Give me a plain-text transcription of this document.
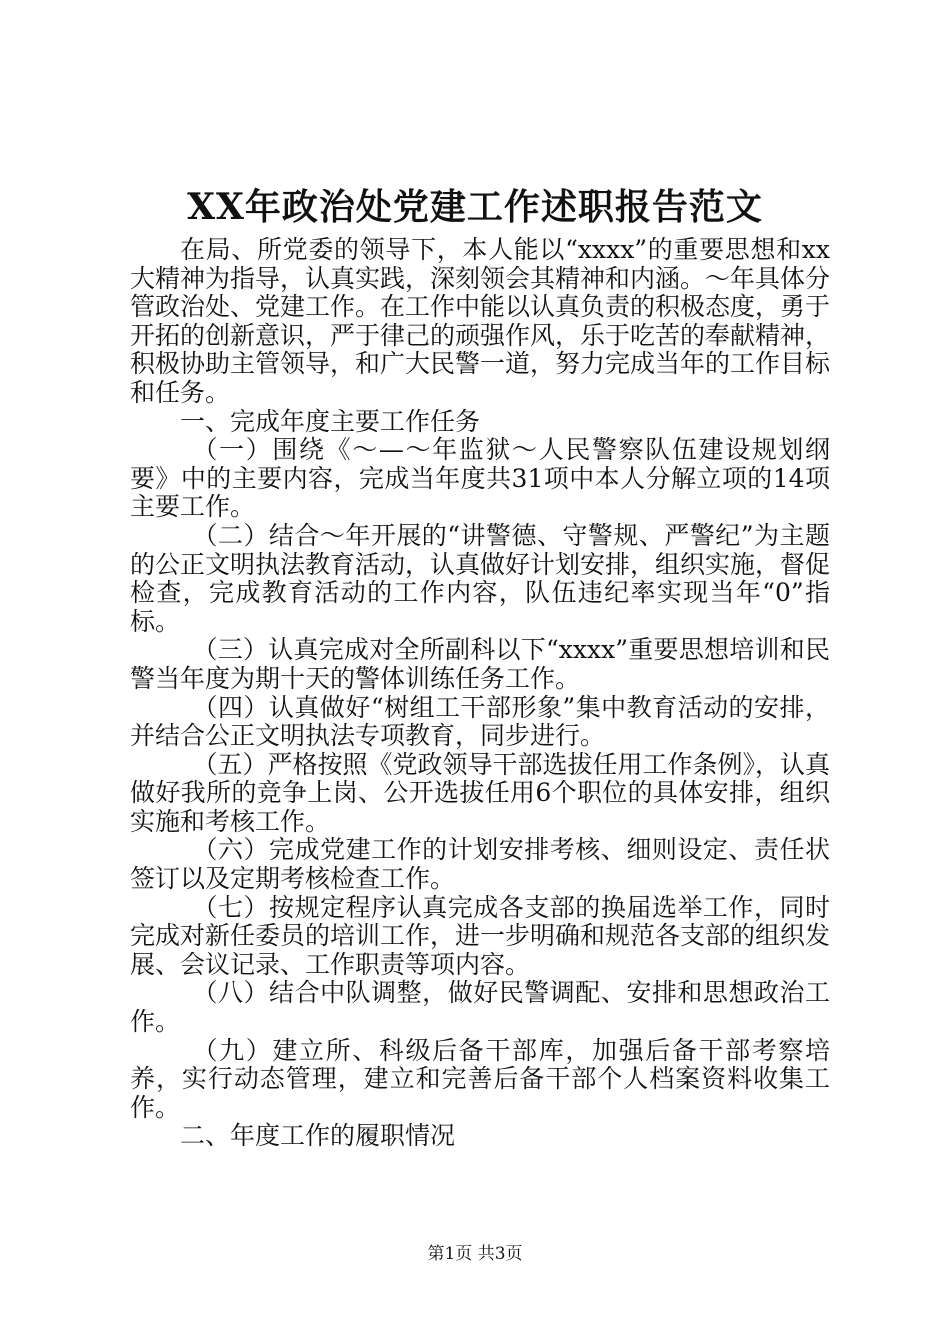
XX年政治处党建工作述职报告范文

在局、所党委的领导下，本人能以“xxxx”的重要思想和xx大精神为指导，认真实践，深刻领会其精神和内涵。～年具体分管政治处、党建工作。在工作中能以认真负责的积极态度，勇于开拓的创新意识，严于律己的顽强作风，乐于吃苦的奉献精神，积极协助主管领导，和广大民警一道，努力完成当年的工作目标和任务。

一、完成年度主要工作任务

（一）围绕《～—～年监狱～人民警察队伍建设规划纲要》中的主要内容，完成当年度共31项中本人分解立项的14项主要工作。

（二）结合～年开展的“讲警德、守警规、严警纪”为主题的公正文明执法教育活动，认真做好计划安排，组织实施，督促检查，完成教育活动的工作内容，队伍违纪率实现当年“0”指标。

（三）认真完成对全所副科以下“xxxx”重要思想培训和民警当年度为期十天的警体训练任务工作。

（四）认真做好“树组工干部形象”集中教育活动的安排，并结合公正文明执法专项教育，同步进行。

（五）严格按照《党政领导干部选拔任用工作条例》，认真做好我所的竞争上岗、公开选拔任用6个职位的具体安排，组织实施和考核工作。

（六）完成党建工作的计划安排考核、细则设定、责任状签订以及定期考核检查工作。

（七）按规定程序认真完成各支部的换届选举工作，同时完成对新任委员的培训工作，进一步明确和规范各支部的组织发展、会议记录、工作职责等项内容。

（八）结合中队调整，做好民警调配、安排和思想政治工作。

（九）建立所、科级后备干部库，加强后备干部考察培养，实行动态管理，建立和完善后备干部个人档案资料收集工作。

二、年度工作的履职情况

第1页 共3页
